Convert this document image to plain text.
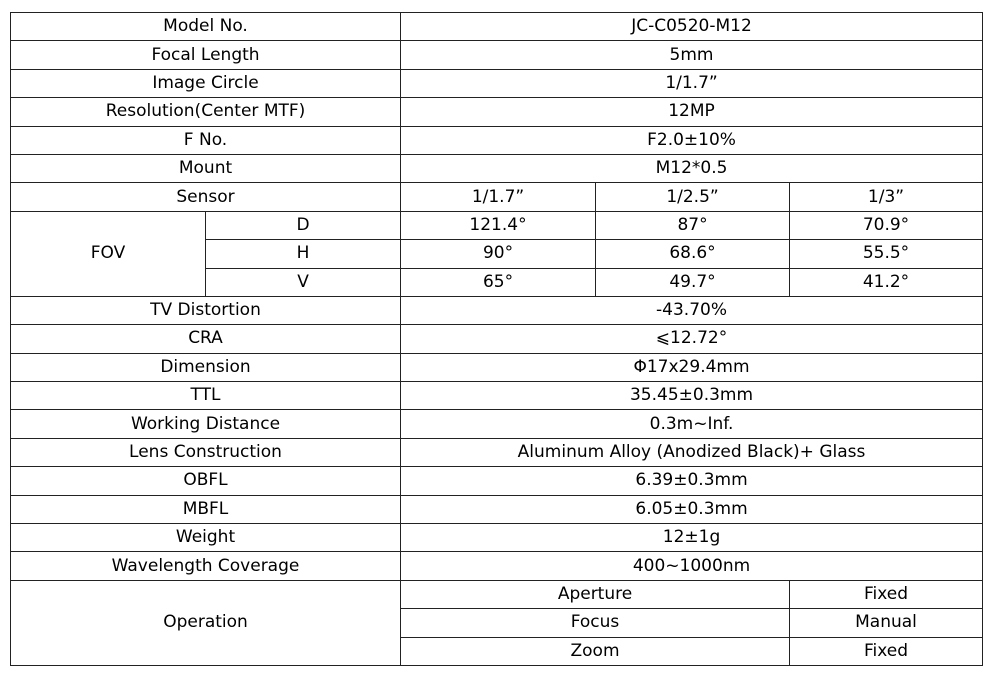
Model No.		JC-C0520-M12		
Focal Length		5mm		
Image Circle		1/1.7”		
Resolution(Center MTF)		12MP		
F No.		F2.0±10%		
Mount		M12*0.5		
Sensor		1/1.7”	1/2.5”	1/3”
FOV	D	121.4°	87°	70.9°
	H	90°	68.6°	55.5°
	V	65°	49.7°	41.2°
TV Distortion		-43.70%		
CRA		⩽12.72°		
Dimension		Φ17x29.4mm		
TTL		35.45±0.3mm		
Working Distance		0.3m~Inf.		
Lens Construction		Aluminum Alloy (Anodized Black)+ Glass		
OBFL		6.39±0.3mm		
MBFL		6.05±0.3mm		
Weight		12±1g		
Wavelength Coverage		400~1000nm		
Operation		Aperture		Fixed
		Focus		Manual
		Zoom		Fixed
